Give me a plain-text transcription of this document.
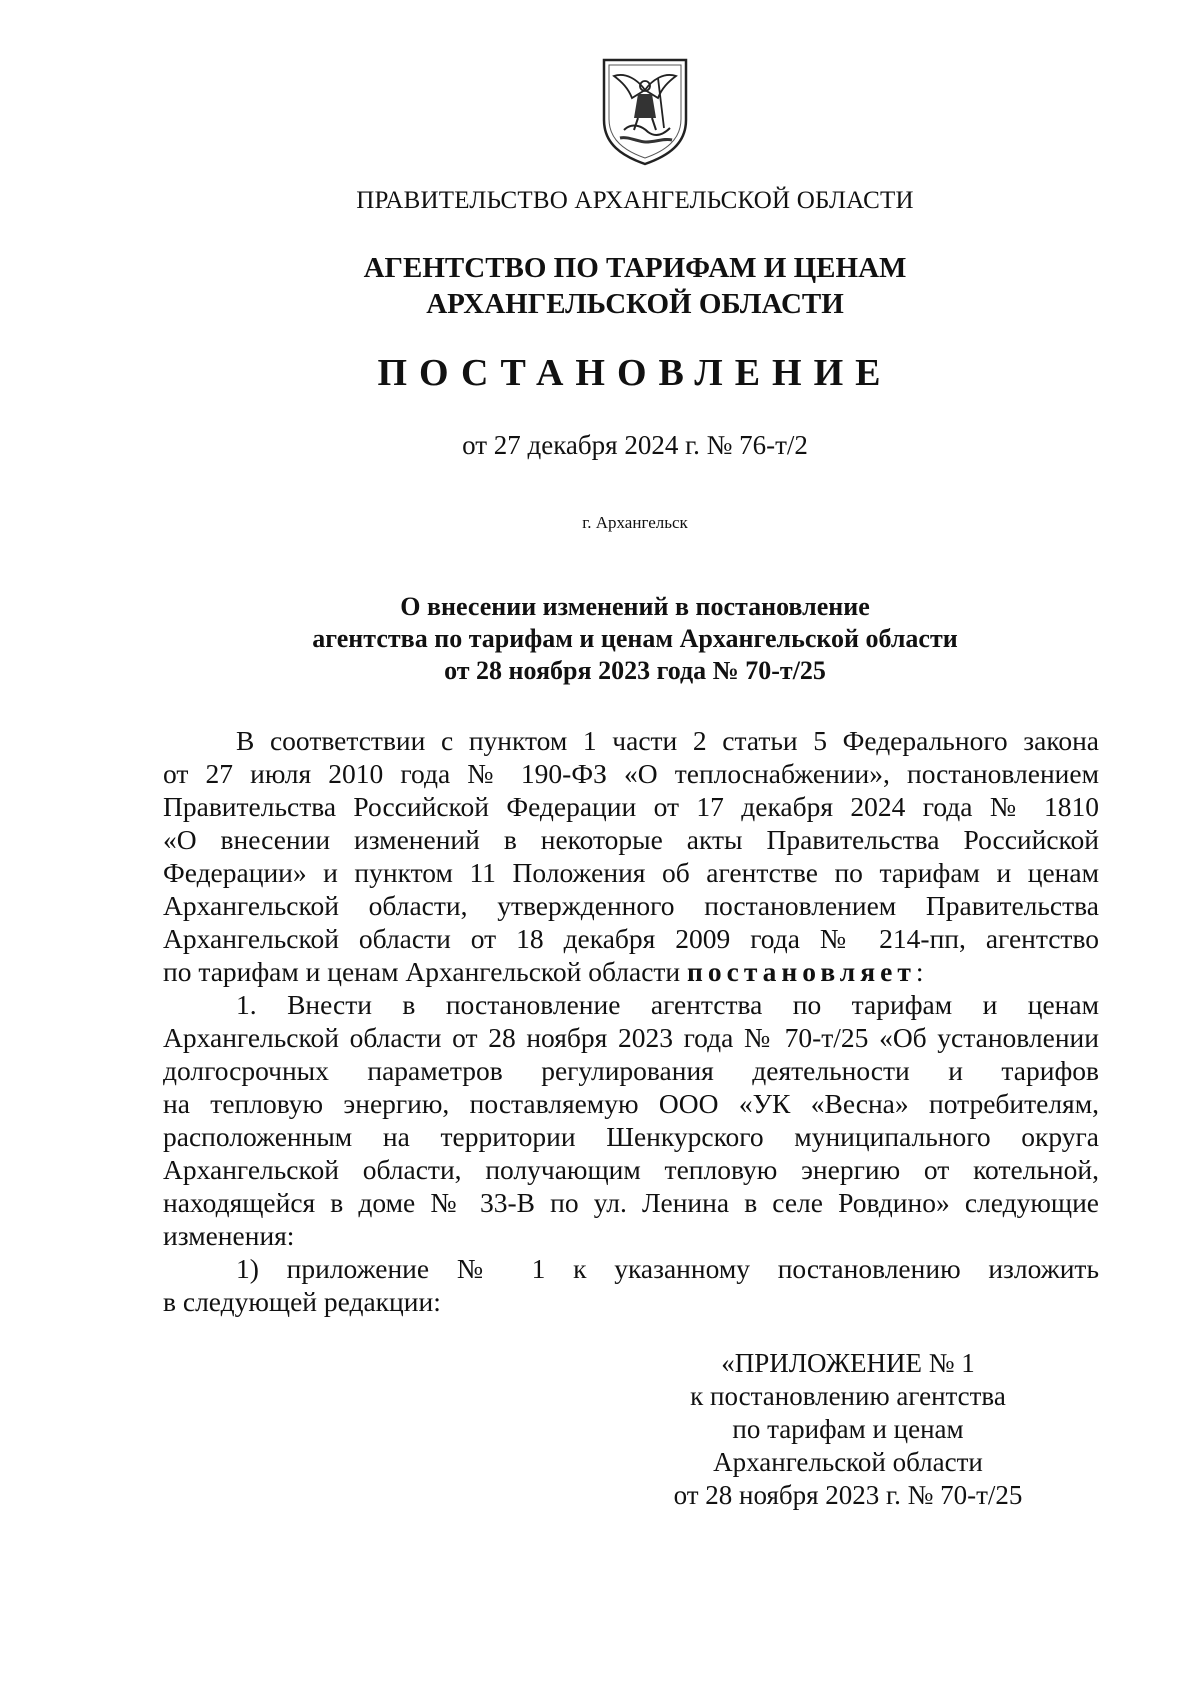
ПРАВИТЕЛЬСТВО АРХАНГЕЛЬСКОЙ ОБЛАСТИ
АГЕНТСТВО ПО ТАРИФАМ И ЦЕНАМ
АРХАНГЕЛЬСКОЙ ОБЛАСТИ
ПОСТАНОВЛЕНИЕ
от 27 декабря 2024 г. № 76-т/2
г. Архангельск
О внесении изменений в постановление
агентства по тарифам и ценам Архангельской области
от 28 ноября 2023 года № 70-т/25
В соответствии с пунктом 1 части 2 статьи 5 Федерального закона
от 27 июля 2010 года № 190-ФЗ «О теплоснабжении», постановлением
Правительства Российской Федерации от 17 декабря 2024 года № 1810
«О внесении изменений в некоторые акты Правительства Российской
Федерации» и пунктом 11 Положения об агентстве по тарифам и ценам
Архангельской области, утвержденного постановлением Правительства
Архангельской области от 18 декабря 2009 года № 214-пп, агентство
по тарифам и ценам Архангельской области постановляет:
1. Внести в постановление агентства по тарифам и ценам
Архангельской области от 28 ноября 2023 года № 70-т/25 «Об установлении
долгосрочных параметров регулирования деятельности и тарифов
на тепловую энергию, поставляемую ООО «УК «Весна» потребителям,
расположенным на территории Шенкурского муниципального округа
Архангельской области, получающим тепловую энергию от котельной,
находящейся в доме № 33-В по ул. Ленина в селе Ровдино» следующие
изменения:
1) приложение № 1 к указанному постановлению изложить
в следующей редакции:
«ПРИЛОЖЕНИЕ № 1
к постановлению агентства
по тарифам и ценам
Архангельской области
от 28 ноября 2023 г. № 70-т/25
